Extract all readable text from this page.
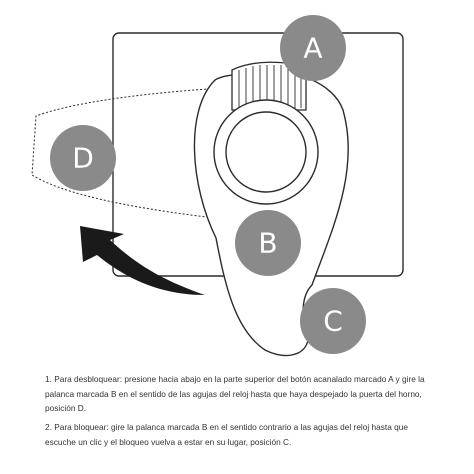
A
D
B
C

1. Para desbloquear: presione hacia abajo en la parte superior del botón acanalado marcado A y gire la palanca marcada B en el sentido de las agujas del reloj hasta que haya despejado la puerta del horno, posición D.

2. Para bloquear: gire la palanca marcada B en el sentido contrario a las agujas del reloj hasta que escuche un clic y el bloqueo vuelva a estar en su lugar, posición C.
